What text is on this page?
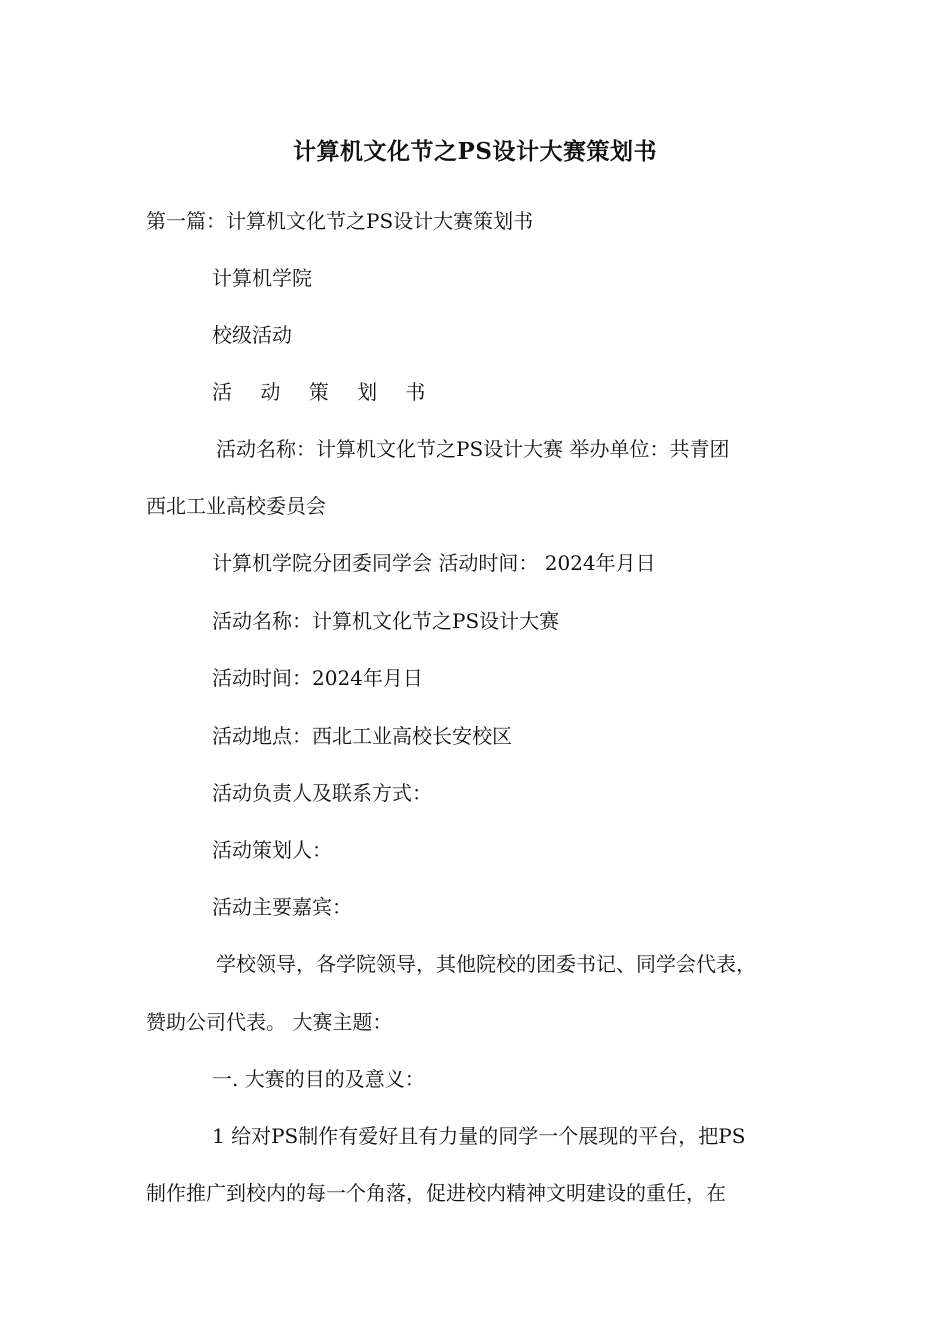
计算机文化节之PS设计大赛策划书
第一篇：计算机文化节之PS设计大赛策划书
计算机学院
校级活动
活 动 策 划 书
活动名称：计算机文化节之PS设计大赛 举办单位：共青团
西北工业高校委员会
计算机学院分团委同学会 活动时间： 2024年月日
活动名称：计算机文化节之PS设计大赛
活动时间：2024年月日
活动地点：西北工业高校长安校区
活动负责人及联系方式：
活动策划人：
活动主要嘉宾：
学校领导，各学院领导，其他院校的团委书记、同学会代表，
赞助公司代表。 大赛主题：
一. 大赛的目的及意义：
1 给对PS制作有爱好且有力量的同学一个展现的平台，把PS
制作推广到校内的每一个角落，促进校内精神文明建设的重任，在
